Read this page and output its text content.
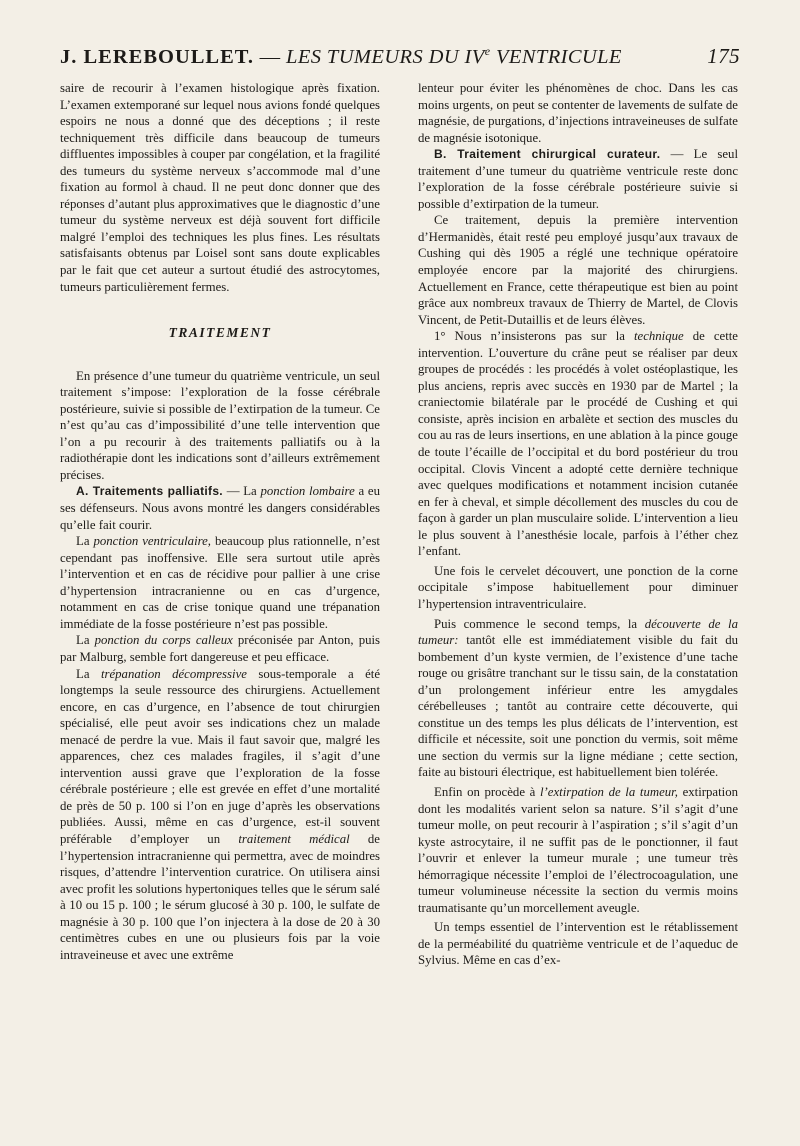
J. LEREBOULLET. — LES TUMEURS DU IVe VENTRICULE	175

saire de recourir à l’examen histologique après fixation. L’examen extemporané sur lequel nous avions fondé quelques espoirs ne nous a donné que des déceptions ; il reste techniquement très difficile dans beaucoup de tumeurs diffluentes impossibles à couper par congélation, et la fragilité des tumeurs du système nerveux s’accommode mal d’une fixation au formol à chaud. Il ne peut donc donner que des réponses d’autant plus approximatives que le diagnostic d’une tumeur du système nerveux est déjà souvent fort difficile malgré l’emploi des techniques les plus fines. Les résultats satisfaisants obtenus par Loisel sont sans doute explicables par le fait que cet auteur a surtout étudié des astrocytomes, tumeurs particulièrement fermes.

TRAITEMENT

En présence d’une tumeur du quatrième ventricule, un seul traitement s’impose: l’exploration de la fosse cérébrale postérieure, suivie si possible de l’extirpation de la tumeur. Ce n’est qu’au cas d’impossibilité d’une telle intervention que l’on a pu recourir à des traitements palliatifs ou à la radiothérapie dont les indications sont d’ailleurs extrêmement précises.

A. Traitements palliatifs. — La ponction lombaire a eu ses défenseurs. Nous avons montré les dangers considérables qu’elle fait courir.

La ponction ventriculaire, beaucoup plus rationnelle, n’est cependant pas inoffensive. Elle sera surtout utile après l’intervention et en cas de récidive pour pallier à une crise d’hypertension intracranienne ou en cas d’urgence, notamment en cas de crise tonique quand une trépanation immédiate de la fosse postérieure n’est pas possible.

La ponction du corps calleux préconisée par Anton, puis par Malburg, semble fort dangereuse et peu efficace.

La trépanation décompressive sous-temporale a été longtemps la seule ressource des chirurgiens. Actuellement encore, en cas d’urgence, en l’absence de tout chirurgien spécialisé, elle peut avoir ses indications chez un malade menacé de perdre la vue. Mais il faut savoir que, malgré les apparences, chez ces malades fragiles, il s’agit d’une intervention aussi grave que l’exploration de la fosse cérébrale postérieure ; elle est grevée en effet d’une mortalité de près de 50 p. 100 si l’on en juge d’après les observations publiées. Aussi, même en cas d’urgence, est-il souvent préférable d’employer un traitement médical de l’hypertension intracranienne qui permettra, avec de moindres risques, d’attendre l’intervention curatrice. On utilisera ainsi avec profit les solutions hypertoniques telles que le sérum salé à 10 ou 15 p. 100 ; le sérum glucosé à 30 p. 100, le sulfate de magnésie à 30 p. 100 que l’on injectera à la dose de 20 à 30 centimètres cubes en une ou plusieurs fois par la voie intraveineuse et avec une extrême

lenteur pour éviter les phénomènes de choc. Dans les cas moins urgents, on peut se contenter de lavements de sulfate de magnésie, de purgations, d’injections intraveineuses de sulfate de magnésie isotonique.

B. Traitement chirurgical curateur. — Le seul traitement d’une tumeur du quatrième ventricule reste donc l’exploration de la fosse cérébrale postérieure suivie si possible d’extirpation de la tumeur.

Ce traitement, depuis la première intervention d’Hermanidès, était resté peu employé jusqu’aux travaux de Cushing qui dès 1905 a réglé une technique opératoire employée encore par la majorité des chirurgiens. Actuellement en France, cette thérapeutique est bien au point grâce aux nombreux travaux de Thierry de Martel, de Clovis Vincent, de Petit-Dutaillis et de leurs élèves.

1° Nous n’insisterons pas sur la technique de cette intervention. L’ouverture du crâne peut se réaliser par deux groupes de procédés : les procédés à volet ostéoplastique, les plus anciens, repris avec succès en 1930 par de Martel ; la craniectomie bilatérale par le procédé de Cushing et qui consiste, après incision en arbalète et section des muscles du cou au ras de leurs insertions, en une ablation à la pince gouge de toute l’écaille de l’occipital et du bord postérieur du trou occipital. Clovis Vincent a adopté cette dernière technique avec quelques modifications et notamment incision cutanée en fer à cheval, et simple décollement des muscles du cou de façon à garder un plan musculaire solide. L’intervention a lieu le plus souvent à l’anesthésie locale, parfois à l’éther chez l’enfant.

Une fois le cervelet découvert, une ponction de la corne occipitale s’impose habituellement pour diminuer l’hypertension intraventriculaire.

Puis commence le second temps, la découverte de la tumeur: tantôt elle est immédiatement visible du fait du bombement d’un kyste vermien, de l’existence d’une tache rouge ou grisâtre tranchant sur le tissu sain, de la constatation d’un prolongement inférieur entre les amygdales cérébelleuses ; tantôt au contraire cette découverte, qui constitue un des temps les plus délicats de l’intervention, est difficile et nécessite, soit une ponction du vermis, soit même une section du vermis sur la ligne médiane ; cette section, faite au bistouri électrique, est habituellement bien tolérée.

Enfin on procède à l’extirpation de la tumeur, extirpation dont les modalités varient selon sa nature. S’il s’agit d’une tumeur molle, on peut recourir à l’aspiration ; s’il s’agit d’un kyste astrocytaire, il ne suffit pas de le ponctionner, il faut l’ouvrir et enlever la tumeur murale ; une tumeur très hémorragique nécessite l’emploi de l’électrocoagulation, une tumeur volumineuse nécessite la section du vermis moins traumatisante qu’un morcellement aveugle.

Un temps essentiel de l’intervention est le rétablissement de la perméabilité du quatrième ventricule et de l’aqueduc de Sylvius. Même en cas d’ex-
